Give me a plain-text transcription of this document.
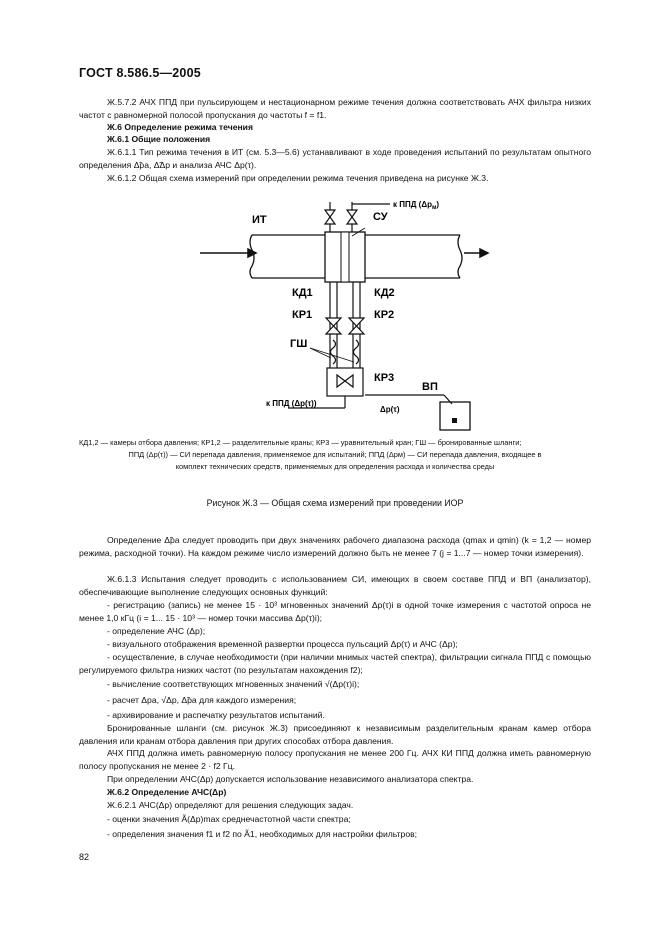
ГОСТ 8.586.5—2005
Ж.5.7.2 АЧХ ППД при пульсирующем и нестационарном режиме течения должна соответствовать АЧХ фильтра низких частот с равномерной полосой пропускания до частоты f = f1.
Ж.6 Определение режима течения
Ж.6.1 Общие положения
Ж.6.1.1 Тип режима течения в ИТ (см. 5.3—5.6) устанавливают в ходе проведения испытаний по результатам опытного определения Δ̃pa, Δ̃Δp и анализа АЧС Δp(τ).
Ж.6.1.2 Общая схема измерений при определении режима течения приведена на рисунке Ж.3.
ИТ	СУ
к ППД $(\Delta p_м)$
КД1	КД2
КР1	КР2
ГШ
КР3
ВП
к ППД (Δp(τ))
Δp(τ)
КД1,2 — камеры отбора давления; КР1,2 — разделительные краны; КР3 — уравнительный кран; ГШ — бронированные шланги;
ППД (Δp(τ)) — СИ перепада давления, применяемое для испытаний; ППД (Δpм) — СИ перепада давления, входящее в
комплект технических средств, применяемых для определения расхода и количества среды
Рисунок Ж.3 — Общая схема измерений при проведении ИОР
Определение Δ̃pa следует проводить при двух значениях рабочего диапазона расхода (qmax и qmin) (k = 1,2 — номер режима, расходной точки). На каждом режиме число измерений должно быть не менее 7 (j = 1...7 — номер точки измерения).
Ж.6.1.3 Испытания следует проводить с использованием СИ, имеющих в своем составе ППД и ВП (анализатор), обеспечивающие выполнение следующих основных функций:
- регистрацию (запись) не менее 15 · 10³ мгновенных значений Δp(τ)i в одной точке измерения с частотой опроса не менее 1,0 кГц (i = 1... 15 · 10³ — номер точки массива Δp(τ)i);
- определение АЧС (Δp);
- визуального отображения временной развертки процесса пульсаций Δp(τ) и АЧС (Δp);
- осуществление, в случае необходимости (при наличии мнимых частей спектра), фильтрации сигнала ППД с помощью регулируемого фильтра низких частот (по результатам нахождения f2);
- вычисление соответствующих мгновенных значений √(Δp(τ)i);
- расчет Δpa, √Δp, Δ̃pa для каждого измерения;
- архивирование и распечатку результатов испытаний.
Бронированные шланги (см. рисунок Ж.3) присоединяют к независимым разделительным кранам камер отбора давления или кранам отбора давления при других способах отбора давления.
АЧХ ППД должна иметь равномерную полосу пропускания не менее 200 Гц. АЧХ КИ ППД должна иметь равномерную полосу пропускания не менее 2 · f2 Гц.
При определении АЧС(Δp) допускается использование независимого анализатора спектра.
Ж.6.2 Определение АЧС(Δp)
Ж.6.2.1 АЧС(Δp) определяют для решения следующих задач.
- оценки значения Ã(Δp)max среднечастотной части спектра;
- определения значения f1 и f2 по Ã1, необходимых для настройки фильтров;
82
